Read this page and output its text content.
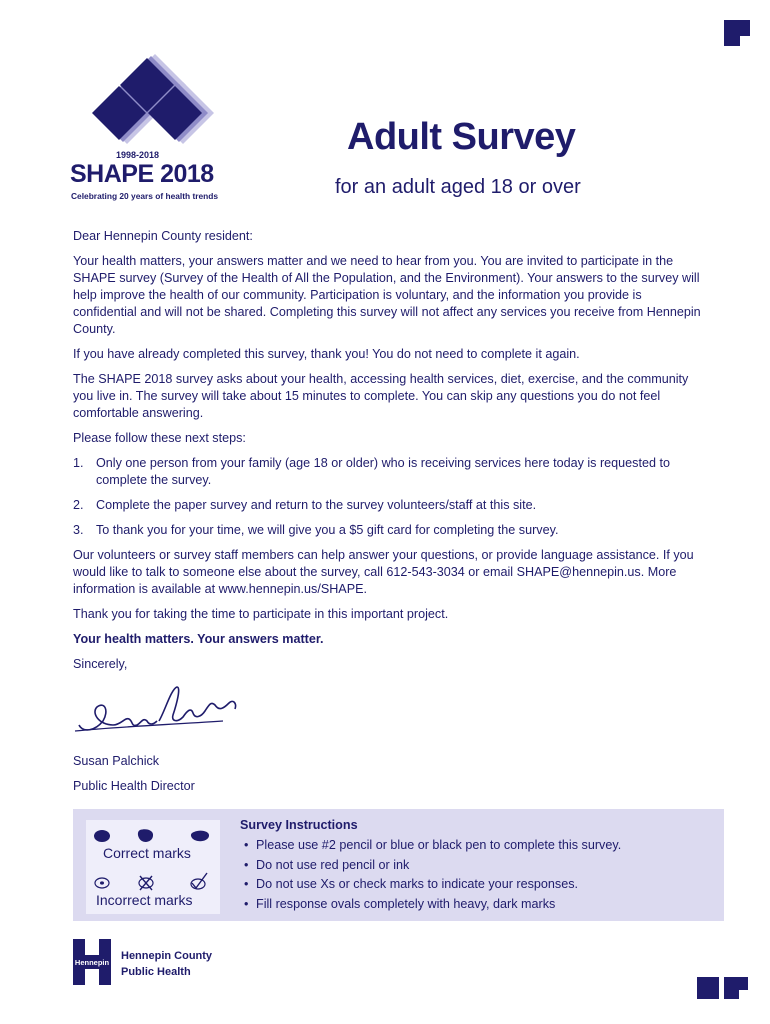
1998-2018
SHAPE 2018
Celebrating 20 years of health trends
Adult Survey
for an adult aged 18 or over

Dear Hennepin County resident:

Your health matters, your answers matter and we need to hear from you. You are invited to participate in the SHAPE survey (Survey of the Health of All the Population, and the Environment). Your answers to the survey will help improve the health of our community. Participation is voluntary, and the information you provide is confidential and will not be shared. Completing this survey will not affect any services you receive from Hennepin County.

If you have already completed this survey, thank you! You do not need to complete it again.

The SHAPE 2018 survey asks about your health, accessing health services, diet, exercise, and the community you live in. The survey will take about 15 minutes to complete. You can skip any questions you do not feel comfortable answering.

Please follow these next steps:

1. Only one person from your family (age 18 or older) who is receiving services here today is requested to complete the survey.
2. Complete the paper survey and return to the survey volunteers/staff at this site.
3. To thank you for your time, we will give you a $5 gift card for completing the survey.

Our volunteers or survey staff members can help answer your questions, or provide language assistance. If you would like to talk to someone else about the survey, call 612-543-3034 or email SHAPE@hennepin.us. More information is available at www.hennepin.us/SHAPE.

Thank you for taking the time to participate in this important project.

Your health matters. Your answers matter.

Sincerely,

Susan Palchick

Public Health Director

Correct marks
Incorrect marks
Survey Instructions
• Please use #2 pencil or blue or black pen to complete this survey.
• Do not use red pencil or ink
• Do not use Xs or check marks to indicate your responses.
• Fill response ovals completely with heavy, dark marks
Hennepin
Hennepin County
Public Health
